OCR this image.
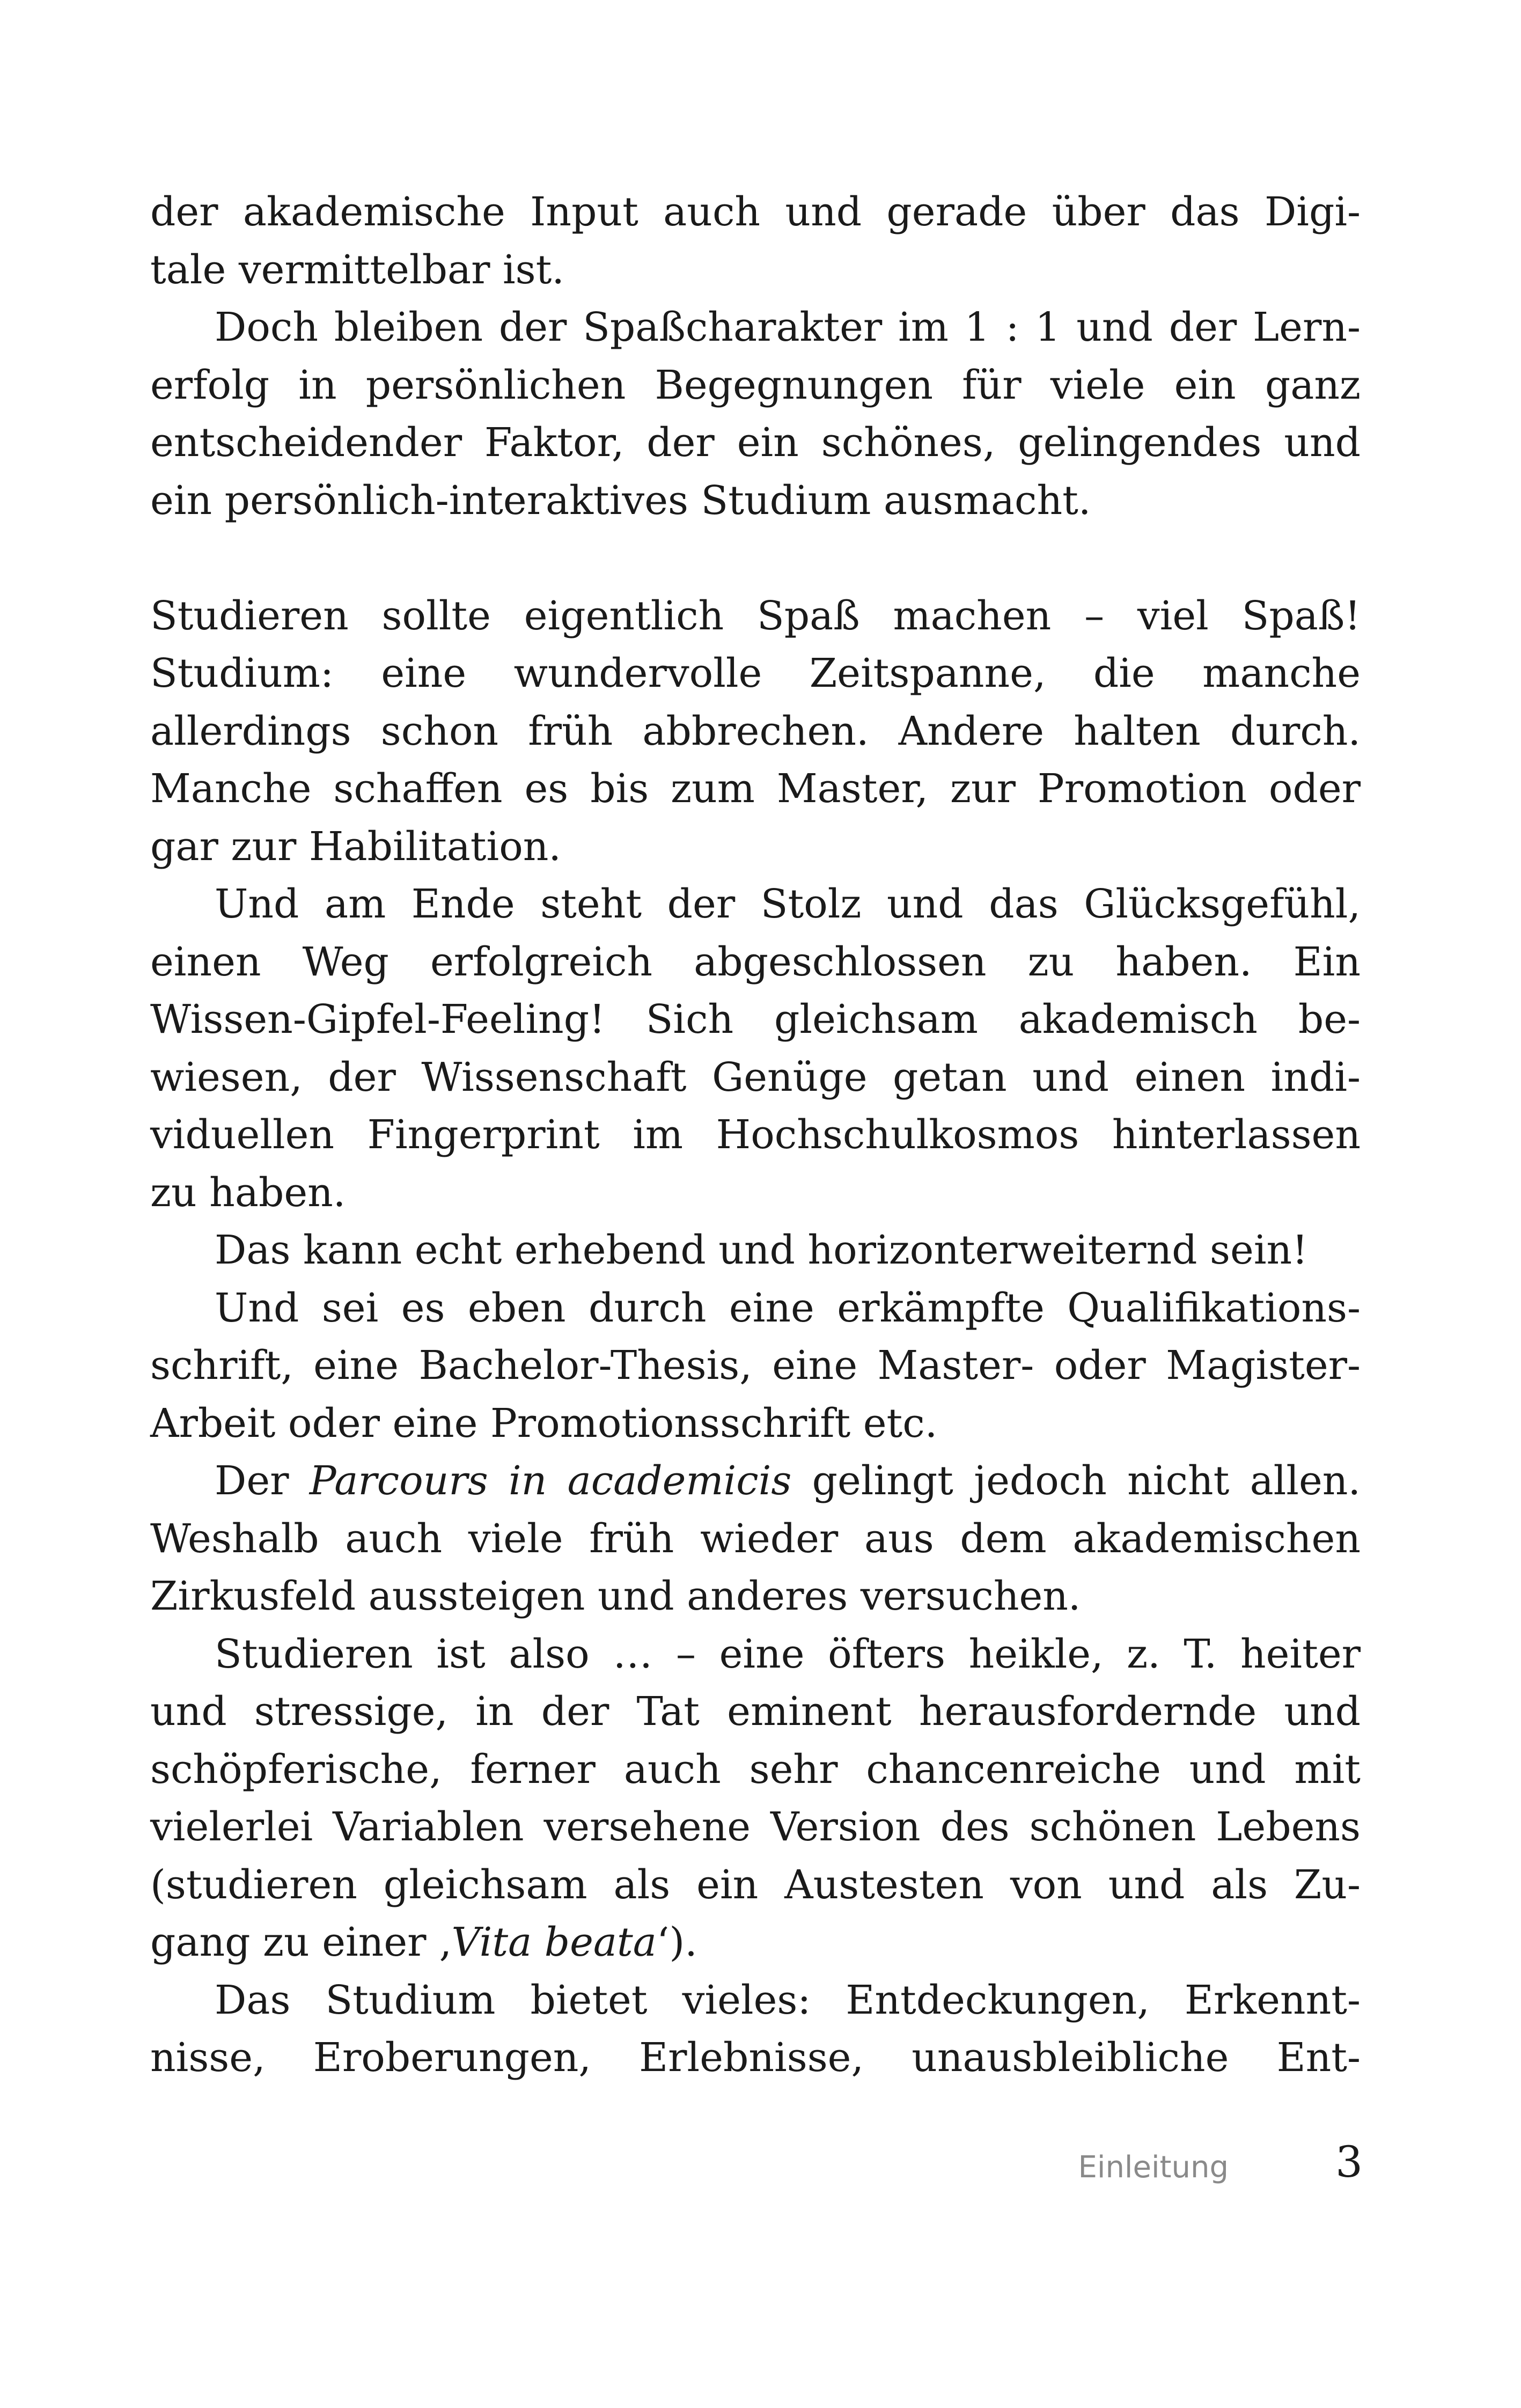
der akademische Input auch und gerade über das Digi-
tale vermittelbar ist.
Doch bleiben der Spaßcharakter im 1 : 1 und der Lern-
erfolg in persönlichen Begegnungen für viele ein ganz
entscheidender Faktor, der ein schönes, gelingendes und
ein persönlich-interaktives Studium ausmacht.
Studieren sollte eigentlich Spaß machen – viel Spaß!
Studium: eine wundervolle Zeitspanne, die manche
allerdings schon früh abbrechen. Andere halten durch.
Manche schaffen es bis zum Master, zur Promotion oder
gar zur Habilitation.
Und am Ende steht der Stolz und das Glücksgefühl,
einen Weg erfolgreich abgeschlossen zu haben. Ein
Wissen-Gipfel-Feeling! Sich gleichsam akademisch be-
wiesen, der Wissenschaft Genüge getan und einen indi-
viduellen Fingerprint im Hochschulkosmos hinterlassen
zu haben.
Das kann echt erhebend und horizonterweiternd sein!
Und sei es eben durch eine erkämpfte Qualifikations-
schrift, eine Bachelor-Thesis, eine Master- oder Magister-
Arbeit oder eine Promotionsschrift etc.
Der Parcours in academicis gelingt jedoch nicht allen.
Weshalb auch viele früh wieder aus dem akademischen
Zirkusfeld aussteigen und anderes versuchen.
Studieren ist also … – eine öfters heikle, z. T. heiter
und stressige, in der Tat eminent herausfordernde und
schöpferische, ferner auch sehr chancenreiche und mit
vielerlei Variablen versehene Version des schönen Lebens
(studieren gleichsam als ein Austesten von und als Zu-
gang zu einer ‚Vita beata‘).
Das Studium bietet vieles: Entdeckungen, Erkennt-
nisse, Eroberungen, Erlebnisse, unausbleibliche Ent-
Einleitung	3
